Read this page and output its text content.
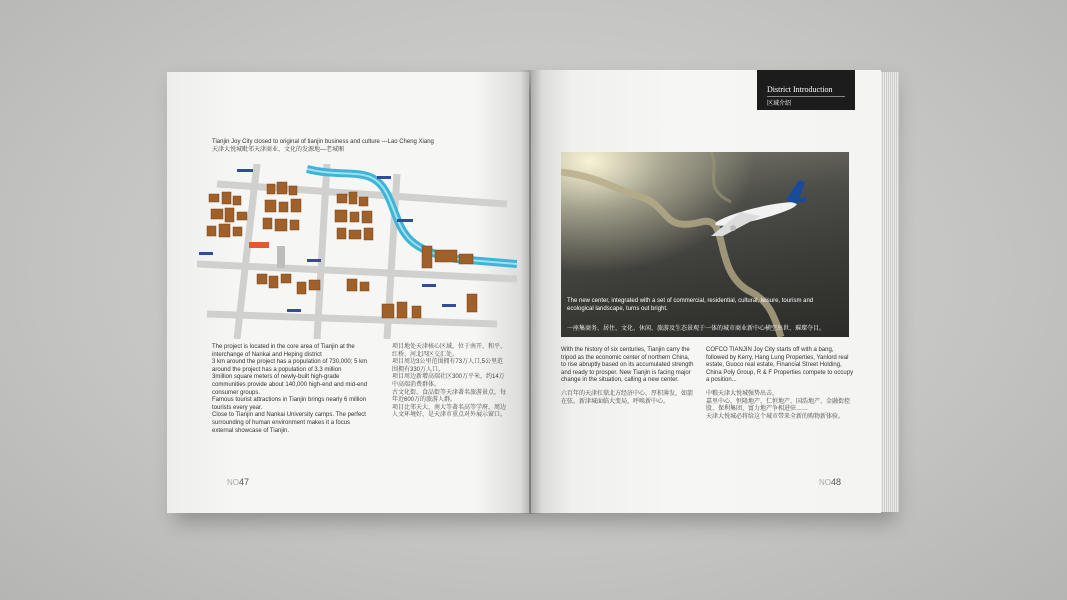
Tianjin Joy City closed to original of tianjin business and culture ---Lao Cheng Xiang
天津大悦城毗邻天津商业、文化的发源地—老城厢
The project is located in the core area of Tianjin at the interchange of Nankai and Heping district
3 km around the project has a population of 730,000; 5 km around the project has a population of 3.3 million
3million square meters of newly-built high-grade communities provide about 140,000 high-end and mid-end consumer groups.
Famous tourist attractions in Tianjin brings nearly 6 million tourists every year.
Close to Tianjin and Nankai University camps. The perfect surrounding of human environment makes it a focus external showcase of Tianjin.
项目地处天津核心区域，位于南开、和平、红桥、河北四区交汇处。
项目周边3公里范围拥有73万人口,5公里范围拥有330万人口。
项目周边新增高端社区300万平米，约14万中高端消费群体。
古文化街、食品街等天津著名旅游景点，每年近600万的旅游人群。
项目比邻天大、南大等著名高等学府，周边人文环境好，是天津市重点对外展示窗口。
NO47
District Introduction
区域介绍
The new center, integrated with a set of commercial, residential, cultural, leisure, tourism and ecological landscape, turns out bright.
一座集商务、居住、文化、休闲、旅游及生态景观于一体的城市商业新中心横空出世、璀璨夺目。
With the history of six centuries, Tianjin carry the tripod as the economic center of northern China, to rise abruptly based on its accumulated strength and ready to prosper. New Tianjin is facing major change in the situation, calling a new center.
六百年的天津扛鼎北方经济中心，厚积薄发，如箭在弦。新津城面临大变局，呼唤新中心。
COFCO TIANJIN Joy City starts off with a bang, followed by Kerry, Hang Lung Properties, Yanlord real estate, Guoco real estate, Financial Street Holding, China Poly Group, R & F Properties compete to occupy a position...
中粮天津大悦城强势出击，
嘉里中心、恒隆地产、仁恒地产、国浩地产、金融街控股、保利集团、富力地产争相进驻……
天津大悦城必将给这个城市带来全新的购物新体验。
NO48
